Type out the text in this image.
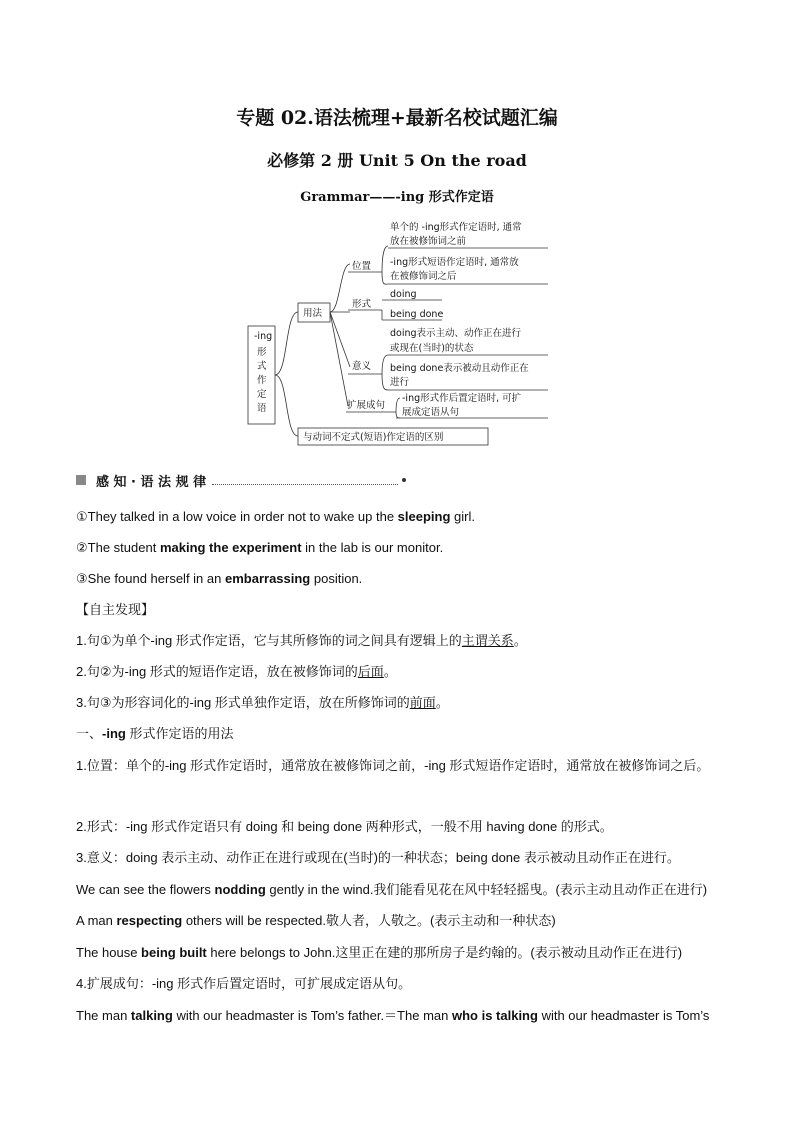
专题 02.语法梳理+最新名校试题汇编
必修第 2 册 Unit 5 On the road
Grammar——-ing 形式作定语
-ing
形
式
作
定
语
用法
与动词不定式(短语)作定语的区别
位置
形式
意义
扩展成句
单个的 -ing形式作定语时, 通常
放在被修饰词之前
-ing形式短语作定语时, 通常放
在被修饰词之后
doing
being done
doing表示主动、动作正在进行
或现在(当时)的状态
being done表示被动且动作正在
进行
-ing形式作后置定语时, 可扩
展成定语从句
感 知 · 语 法 规 律
①They talked in a low voice in order not to wake up the sleeping girl.
②The student making the experiment in the lab is our monitor.
③She found herself in an embarrassing position.
【自主发现】
1.句①为单个-ing 形式作定语，它与其所修饰的词之间具有逻辑上的主谓关系。
2.句②为-ing 形式的短语作定语，放在被修饰词的后面。
3.句③为形容词化的-ing 形式单独作定语，放在所修饰词的前面。
一、-ing 形式作定语的用法
1.位置：单个的-ing 形式作定语时，通常放在被修饰词之前，-ing 形式短语作定语时，通常放在被修饰词之后。
2.形式：-ing 形式作定语只有 doing 和 being done 两种形式，一般不用 having done 的形式。
3.意义：doing 表示主动、动作正在进行或现在(当时)的一种状态；being done 表示被动且动作正在进行。
We can see the flowers nodding gently in the wind.我们能看见花在风中轻轻摇曳。(表示主动且动作正在进行)
A man respecting others will be respected.敬人者，人敬之。(表示主动和一种状态)
The house being built here belongs to John.这里正在建的那所房子是约翰的。(表示被动且动作正在进行)
4.扩展成句：-ing 形式作后置定语时，可扩展成定语从句。
The man talking with our headmaster is Tom’s father.＝The man who is talking with our headmaster is Tom’s
